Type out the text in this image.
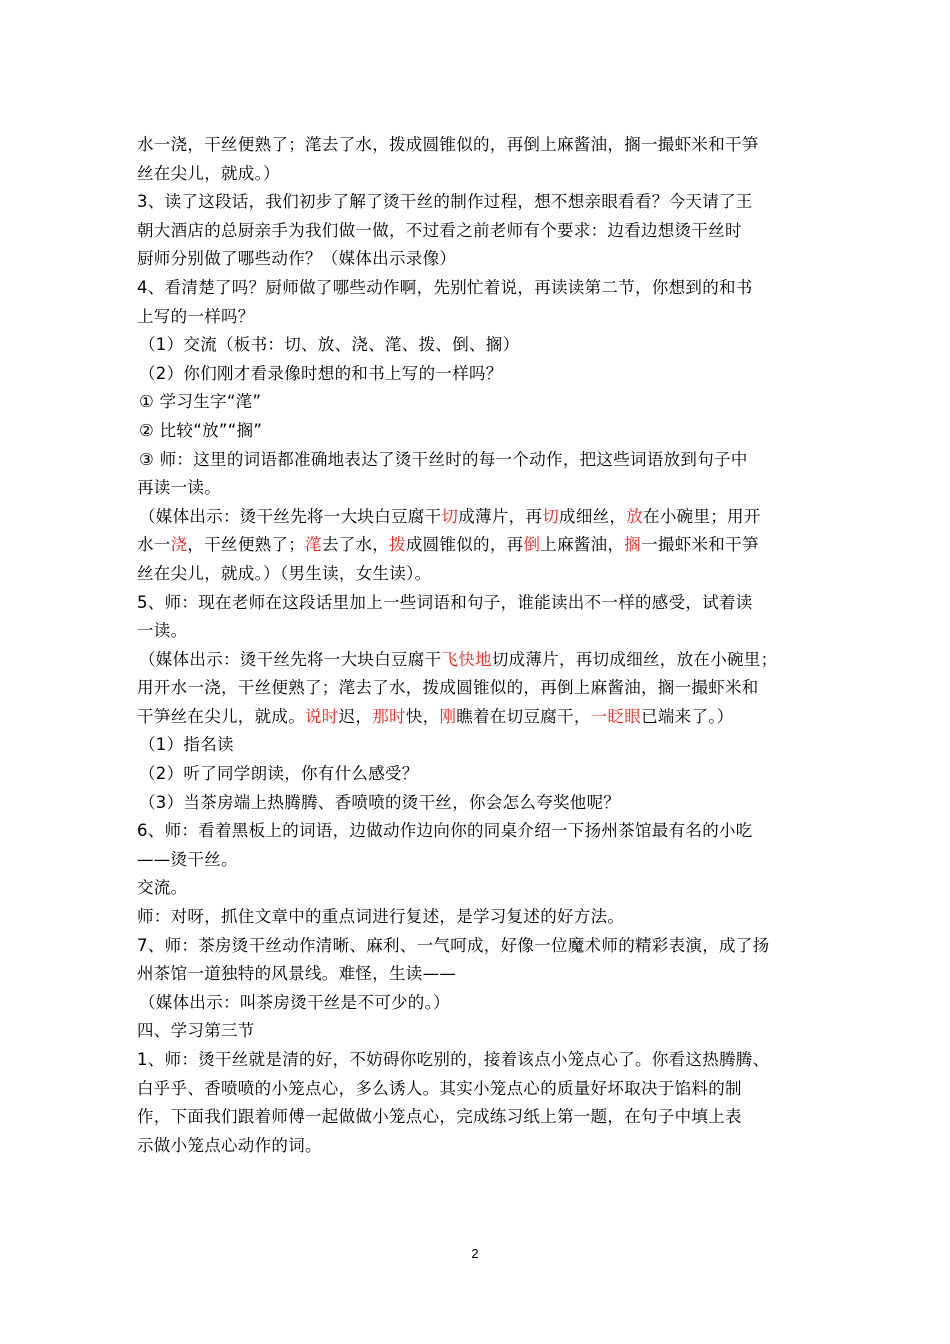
水一浇，干丝便熟了；滗去了水，拨成圆锥似的，再倒上麻酱油，搁一撮虾米和干笋
丝在尖儿，就成。）
3、读了这段话，我们初步了解了烫干丝的制作过程，想不想亲眼看看？今天请了王
朝大酒店的总厨亲手为我们做一做，不过看之前老师有个要求：边看边想烫干丝时
厨师分别做了哪些动作？（媒体出示录像）
4、看清楚了吗？厨师做了哪些动作啊，先别忙着说，再读读第二节，你想到的和书
上写的一样吗？
（1）交流（板书：切、放、浇、滗、拨、倒、搁）
（2）你们刚才看录像时想的和书上写的一样吗？
① 学习生字“滗”
② 比较“放”“搁”
③ 师：这里的词语都准确地表达了烫干丝时的每一个动作，把这些词语放到句子中
再读一读。
（媒体出示：烫干丝先将一大块白豆腐干切成薄片，再切成细丝，放在小碗里；用开
水一浇，干丝便熟了；滗去了水，拨成圆锥似的，再倒上麻酱油，搁一撮虾米和干笋
丝在尖儿，就成。）（男生读，女生读）。
5、师：现在老师在这段话里加上一些词语和句子，谁能读出不一样的感受，试着读
一读。
（媒体出示：烫干丝先将一大块白豆腐干飞快地切成薄片，再切成细丝，放在小碗里；
用开水一浇，干丝便熟了；滗去了水，拨成圆锥似的，再倒上麻酱油，搁一撮虾米和
干笋丝在尖儿，就成。说时迟，那时快，刚瞧着在切豆腐干，一眨眼已端来了。）
（1）指名读
（2）听了同学朗读，你有什么感受？
（3）当茶房端上热腾腾、香喷喷的烫干丝，你会怎么夸奖他呢？
6、师：看着黑板上的词语，边做动作边向你的同桌介绍一下扬州茶馆最有名的小吃
——烫干丝。
交流。
师：对呀，抓住文章中的重点词进行复述，是学习复述的好方法。
7、师：茶房烫干丝动作清晰、麻利、一气呵成，好像一位魔术师的精彩表演，成了扬
州茶馆一道独特的风景线。难怪，生读——
（媒体出示：叫茶房烫干丝是不可少的。）
四、学习第三节
1、师：烫干丝就是清的好，不妨碍你吃别的，接着该点小笼点心了。你看这热腾腾、
白乎乎、香喷喷的小笼点心，多么诱人。其实小笼点心的质量好坏取决于馅料的制
作，下面我们跟着师傅一起做做小笼点心，完成练习纸上第一题，在句子中填上表
示做小笼点心动作的词。
2
